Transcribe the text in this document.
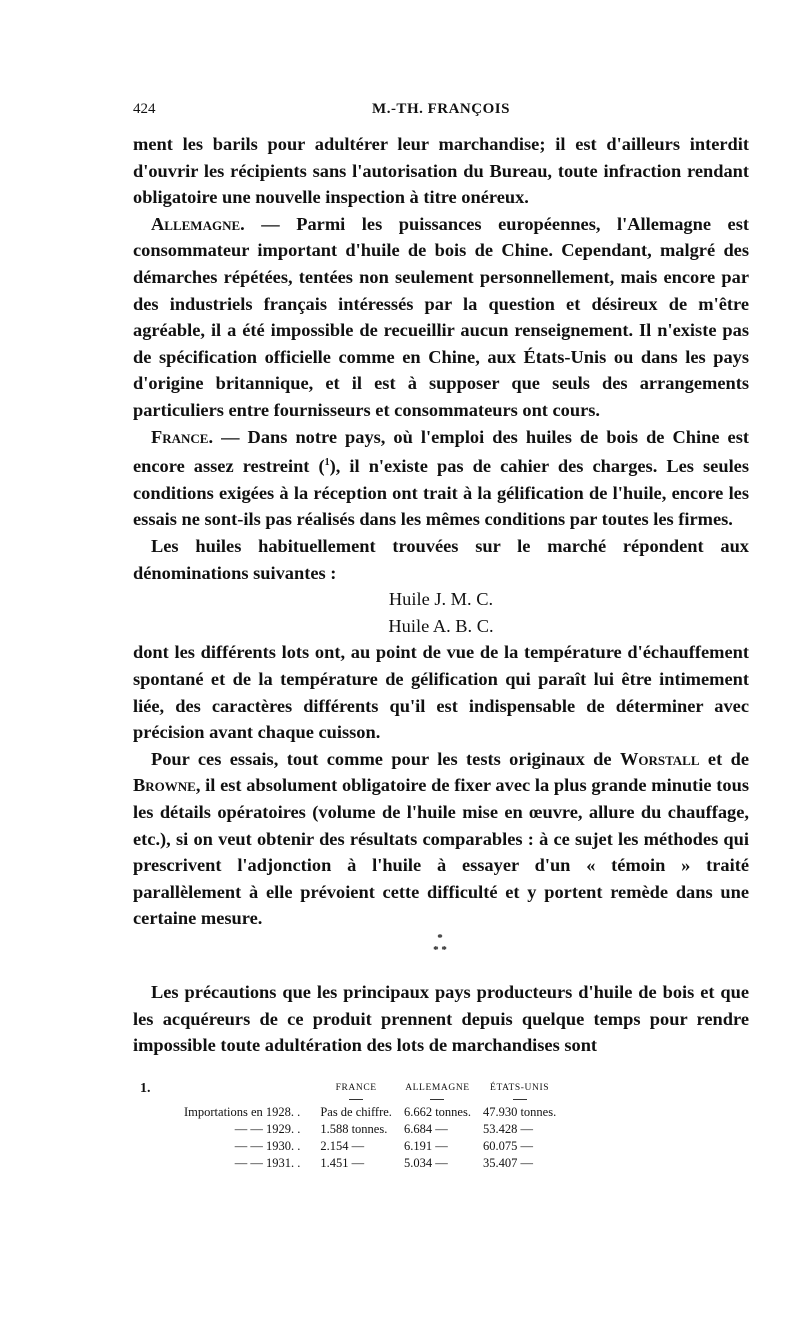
424	M.-TH. FRANÇOIS

ment les barils pour adultérer leur marchandise; il est d'ailleurs interdit d'ouvrir les récipients sans l'autorisation du Bureau, toute infraction rendant obligatoire une nouvelle inspection à titre onéreux.

Allemagne. — Parmi les puissances européennes, l'Allemagne est consommateur important d'huile de bois de Chine. Cependant, malgré des démarches répétées, tentées non seulement personnellement, mais encore par des industriels français intéressés par la question et désireux de m'être agréable, il a été impossible de recueillir aucun renseignement. Il n'existe pas de spécification officielle comme en Chine, aux États-Unis ou dans les pays d'origine britannique, et il est à supposer que seuls des arrangements particuliers entre fournisseurs et consommateurs ont cours.

France. — Dans notre pays, où l'emploi des huiles de bois de Chine est encore assez restreint ($^1$), il n'existe pas de cahier des charges. Les seules conditions exigées à la réception ont trait à la gélification de l'huile, encore les essais ne sont-ils pas réalisés dans les mêmes conditions par toutes les firmes.

Les huiles habituellement trouvées sur le marché répondent aux dénominations suivantes :

Huile J. M. C.

Huile A. B. C.

dont les différents lots ont, au point de vue de la température d'échauffement spontané et de la température de gélification qui paraît lui être intimement liée, des caractères différents qu'il est indispensable de déterminer avec précision avant chaque cuisson.

Pour ces essais, tout comme pour les tests originaux de Worstall et de Browne, il est absolument obligatoire de fixer avec la plus grande minutie tous les détails opératoires (volume de l'huile mise en œuvre, allure du chauffage, etc.), si on veut obtenir des résultats comparables : à ce sujet les méthodes qui prescrivent l'adjonction à l'huile à essayer d'un « témoin » traité parallèlement à elle prévoient cette difficulté et y portent remède dans une certaine mesure.

*
* *

Les précautions que les principaux pays producteurs d'huile de bois et que les acquéreurs de ce produit prennent depuis quelque temps pour rendre impossible toute adultération des lots de marchandises sont

1.
		FRANCE	ALLEMAGNE	ÉTATS-UNIS

Importations en 1928. .	Pas de chiffre.	6.662 tonnes.	47.930 tonnes.
— — 1929. .	1.588 tonnes.	6.684 —	53.428 —
— — 1930. .	2.154 —	6.191 —	60.075 —
— — 1931. .	1.451 —	5.034 —	35.407 —
